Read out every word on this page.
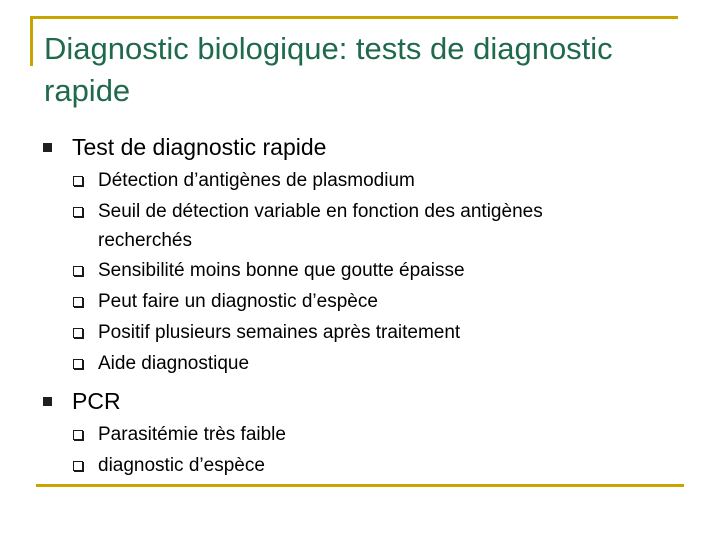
Diagnostic biologique: tests de diagnostic rapide
Test de diagnostic rapide
Détection d’antigènes de plasmodium
Seuil de détection variable en fonction des antigènes recherchés
Sensibilité moins bonne que goutte épaisse
Peut faire un diagnostic d’espèce
Positif plusieurs semaines après traitement
Aide diagnostique
PCR
Parasitémie très faible
diagnostic d’espèce
